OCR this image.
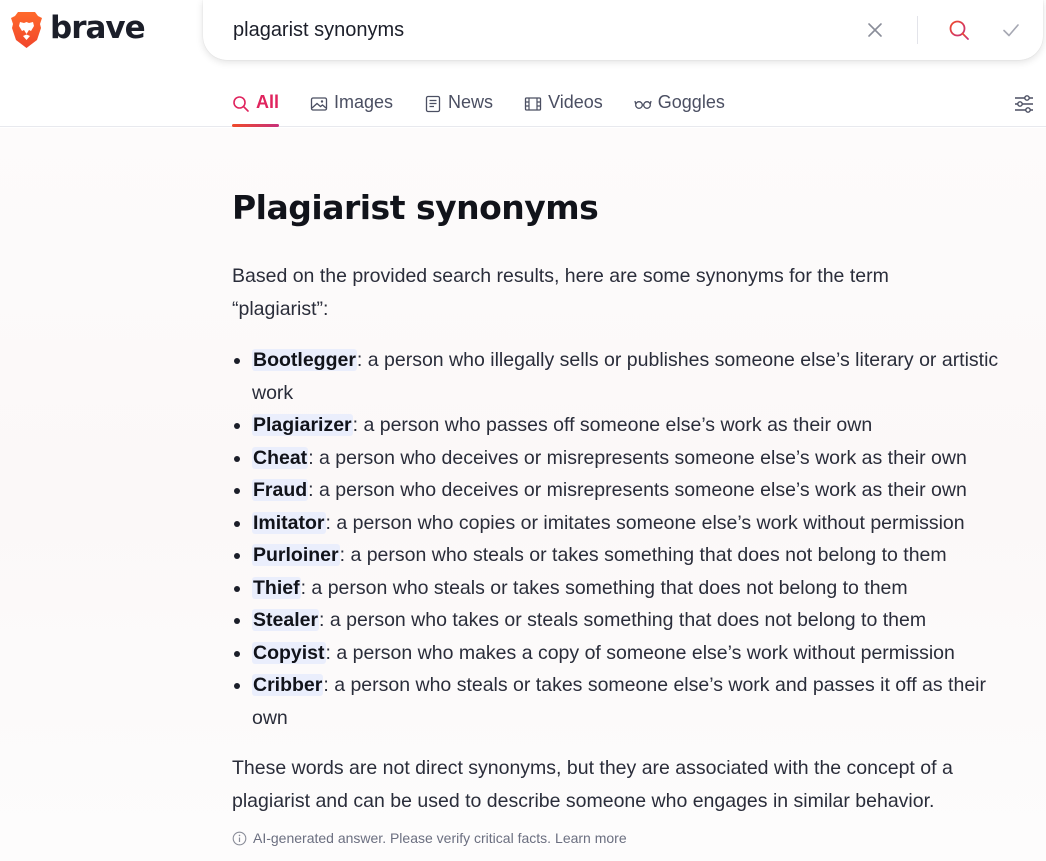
brave
plagarist synonyms
All	Images	News	Videos	Goggles
Plagiarist synonyms

Based on the provided search results, here are some synonyms for the term “plagiarist”:

Bootlegger: a person who illegally sells or publishes someone else’s literary or artistic work
Plagiarizer: a person who passes off someone else’s work as their own
Cheat: a person who deceives or misrepresents someone else’s work as their own
Fraud: a person who deceives or misrepresents someone else’s work as their own
Imitator: a person who copies or imitates someone else’s work without permission
Purloiner: a person who steals or takes something that does not belong to them
Thief: a person who steals or takes something that does not belong to them
Stealer: a person who takes or steals something that does not belong to them
Copyist: a person who makes a copy of someone else’s work without permission
Cribber: a person who steals or takes someone else’s work and passes it off as their own

These words are not direct synonyms, but they are associated with the concept of a plagiarist and can be used to describe someone who engages in similar behavior.

AI-generated answer. Please verify critical facts. Learn more
